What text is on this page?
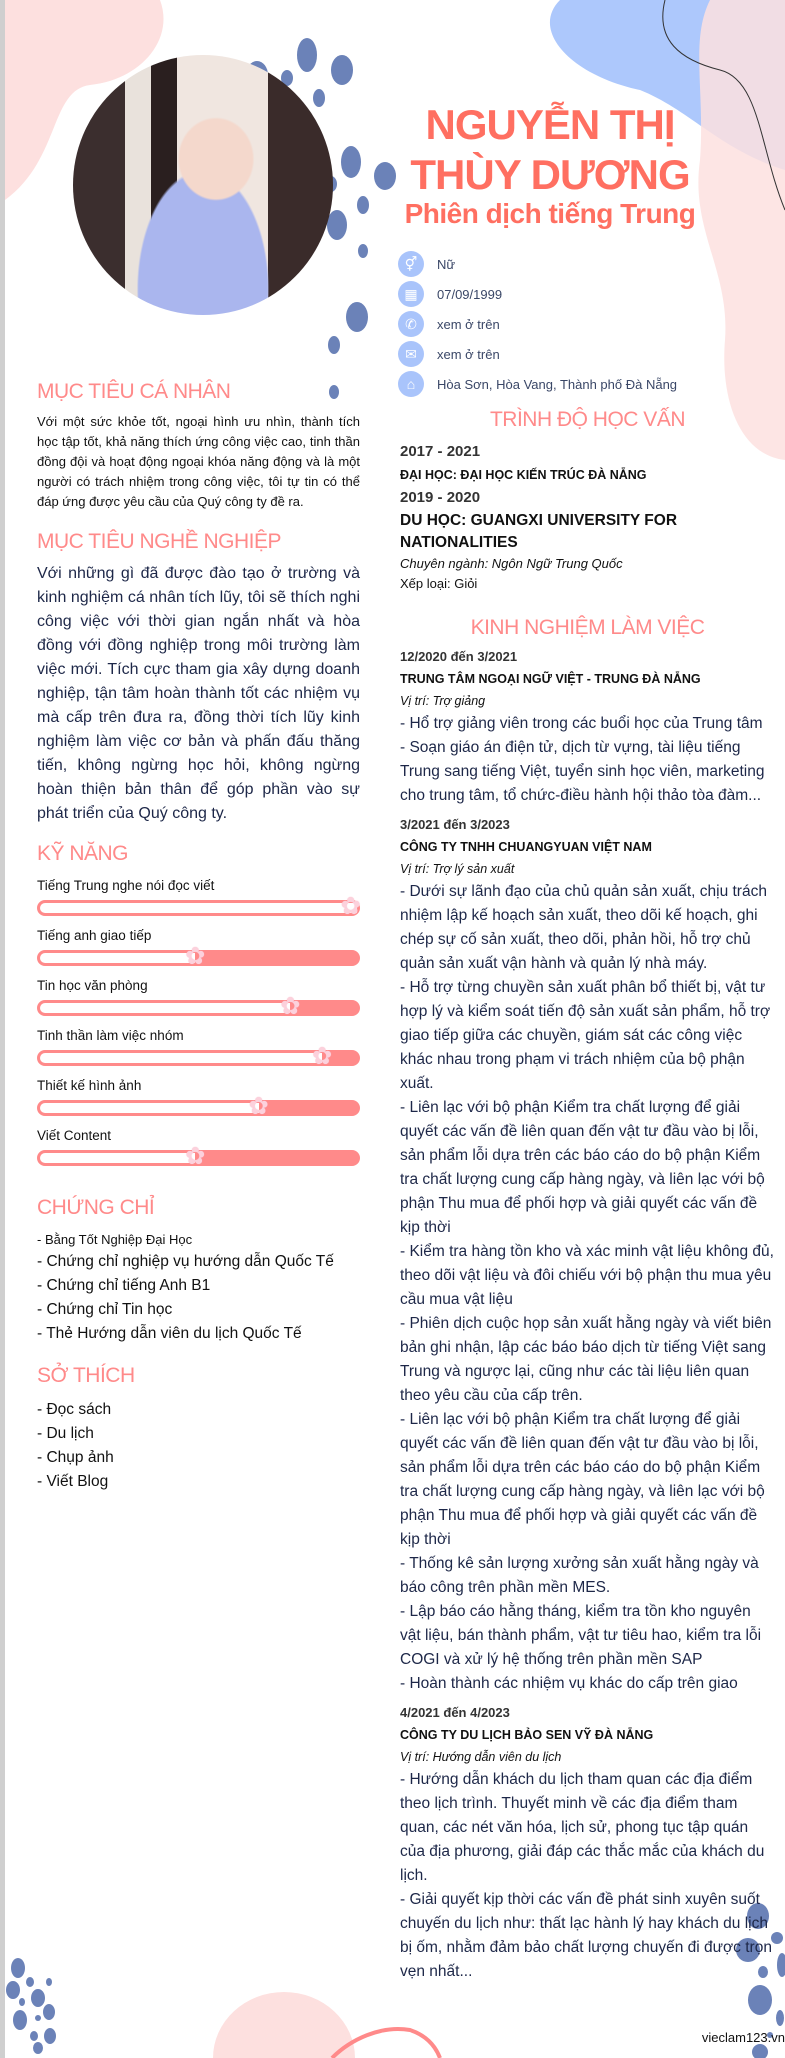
NGUYỄN THỊ
THÙY DƯƠNG
Phiên dịch tiếng Trung
⚥	Nữ
▦	07/09/1999
✆	xem ở trên
✉	xem ở trên
⌂	Hòa Sơn, Hòa Vang, Thành phố Đà Nẵng
MỤC TIÊU CÁ NHÂN

Với một sức khỏe tốt, ngoại hình ưu nhìn, thành tích học tập tốt, khả năng thích ứng công việc cao, tinh thần đồng đội và hoạt động ngoại khóa năng động và là một người có trách nhiệm trong công việc, tôi tự tin có thể đáp ứng được yêu cầu của Quý công ty đề ra.

MỤC TIÊU NGHỀ NGHIỆP

Với những gì đã được đào tạo ở trường và kinh nghiệm cá nhân tích lũy, tôi sẽ thích nghi công việc với thời gian ngắn nhất và hòa đồng với đồng nghiệp trong môi trường làm việc mới. Tích cực tham gia xây dựng doanh nghiệp, tận tâm hoàn thành tốt các nhiệm vụ mà cấp trên đưa ra, đồng thời tích lũy kinh nghiệm làm việc cơ bản và phấn đấu thăng tiến, không ngừng học hỏi, không ngừng hoàn thiện bản thân để góp phần vào sự phát triển của Quý công ty.

KỸ NĂNG
Tiếng Trung nghe nói đọc viết
✿
Tiếng anh giao tiếp
✿
Tin học văn phòng
✿
Tinh thần làm việc nhóm
✿
Thiết kế hình ảnh
✿
Viết Content
✿
CHỨNG CHỈ
- Bằng Tốt Nghiệp Đại Học
- Chứng chỉ nghiệp vụ hướng dẫn Quốc Tế
- Chứng chỉ tiếng Anh B1
- Chứng chỉ Tin học
- Thẻ Hướng dẫn viên du lịch Quốc Tế
SỞ THÍCH
- Đọc sách
- Du lịch
- Chụp ảnh
- Viết Blog
TRÌNH ĐỘ HỌC VẤN
2017 - 2021
ĐẠI HỌC: ĐẠI HỌC KIẾN TRÚC ĐÀ NẴNG
2019 - 2020
DU HỌC: GUANGXI UNIVERSITY FOR NATIONALITIES
Chuyên ngành: Ngôn Ngữ Trung Quốc
Xếp loại: Giỏi
KINH NGHIỆM LÀM VIỆC
12/2020 đến 3/2021
TRUNG TÂM NGOẠI NGỮ VIỆT - TRUNG ĐÀ NẴNG
Vị trí: Trợ giảng
- Hổ trợ giảng viên trong các buổi học của Trung tâm
- Soạn giáo án điện tử, dịch từ vựng, tài liệu tiếng Trung sang tiếng Việt, tuyển sinh học viên, marketing cho trung tâm, tổ chức-điều hành hội thảo tòa đàm...
3/2021 đến 3/2023
CÔNG TY TNHH CHUANGYUAN VIỆT NAM
Vị trí: Trợ lý sản xuất
- Dưới sự lãnh đạo của chủ quản sản xuất, chịu trách nhiệm lập kế hoạch sản xuất, theo dõi kế hoạch, ghi chép sự cố sản xuất, theo dõi, phản hồi, hỗ trợ chủ quản sản xuất vận hành và quản lý nhà máy.
- Hỗ trợ từng chuyền sản xuất phân bổ thiết bị, vật tư hợp lý và kiểm soát tiến độ sản xuất sản phẩm, hỗ trợ giao tiếp giữa các chuyền, giám sát các công việc khác nhau trong phạm vi trách nhiệm của bộ phận xuất.
- Liên lạc với bộ phận Kiểm tra chất lượng để giải quyết các vấn đề liên quan đến vật tư đầu vào bị lỗi, sản phẩm lỗi dựa trên các báo cáo do bộ phận Kiểm tra chất lượng cung cấp hàng ngày, và liên lạc với bộ phận Thu mua để phối hợp và giải quyết các vấn đề kịp thời
- Kiểm tra hàng tồn kho và xác minh vật liệu không đủ, theo dõi vật liệu và đôi chiếu với bộ phận thu mua yêu cầu mua vật liệu
- Phiên dịch cuộc họp sản xuất hằng ngày và viết biên bản ghi nhận, lập các báo báo dịch từ tiếng Việt sang Trung và ngược lại, cũng như các tài liệu liên quan theo yêu cầu của cấp trên.
- Liên lạc với bộ phận Kiểm tra chất lượng để giải quyết các vấn đề liên quan đến vật tư đầu vào bị lỗi, sản phẩm lỗi dựa trên các báo cáo do bộ phận Kiểm tra chất lượng cung cấp hàng ngày, và liên lạc với bộ phận Thu mua để phối hợp và giải quyết các vấn đề kịp thời
- Thống kê sản lượng xưởng sản xuất hằng ngày và báo công trên phần mền MES.
- Lập báo cáo hằng tháng, kiểm tra tồn kho nguyên vật liệu, bán thành phẩm, vật tư tiêu hao, kiểm tra lỗi COGI và xử lý hệ thống trên phần mền SAP
- Hoàn thành các nhiệm vụ khác do cấp trên giao
4/2021 đến 4/2023
CÔNG TY DU LỊCH BẢO SEN VỸ ĐÀ NẴNG
Vị trí: Hướng dẫn viên du lịch
- Hướng dẫn khách du lịch tham quan các địa điểm theo lịch trình. Thuyết minh về các địa điểm tham quan, các nét văn hóa, lịch sử, phong tục tập quán của địa phương, giải đáp các thắc mắc của khách du lịch.
- Giải quyết kịp thời các vấn đề phát sinh xuyên suốt chuyến du lịch như: thất lạc hành lý hay khách du lịch bị ốm, nhằm đảm bảo chất lượng chuyến đi được trọn vẹn nhất...
vieclam123.vn
